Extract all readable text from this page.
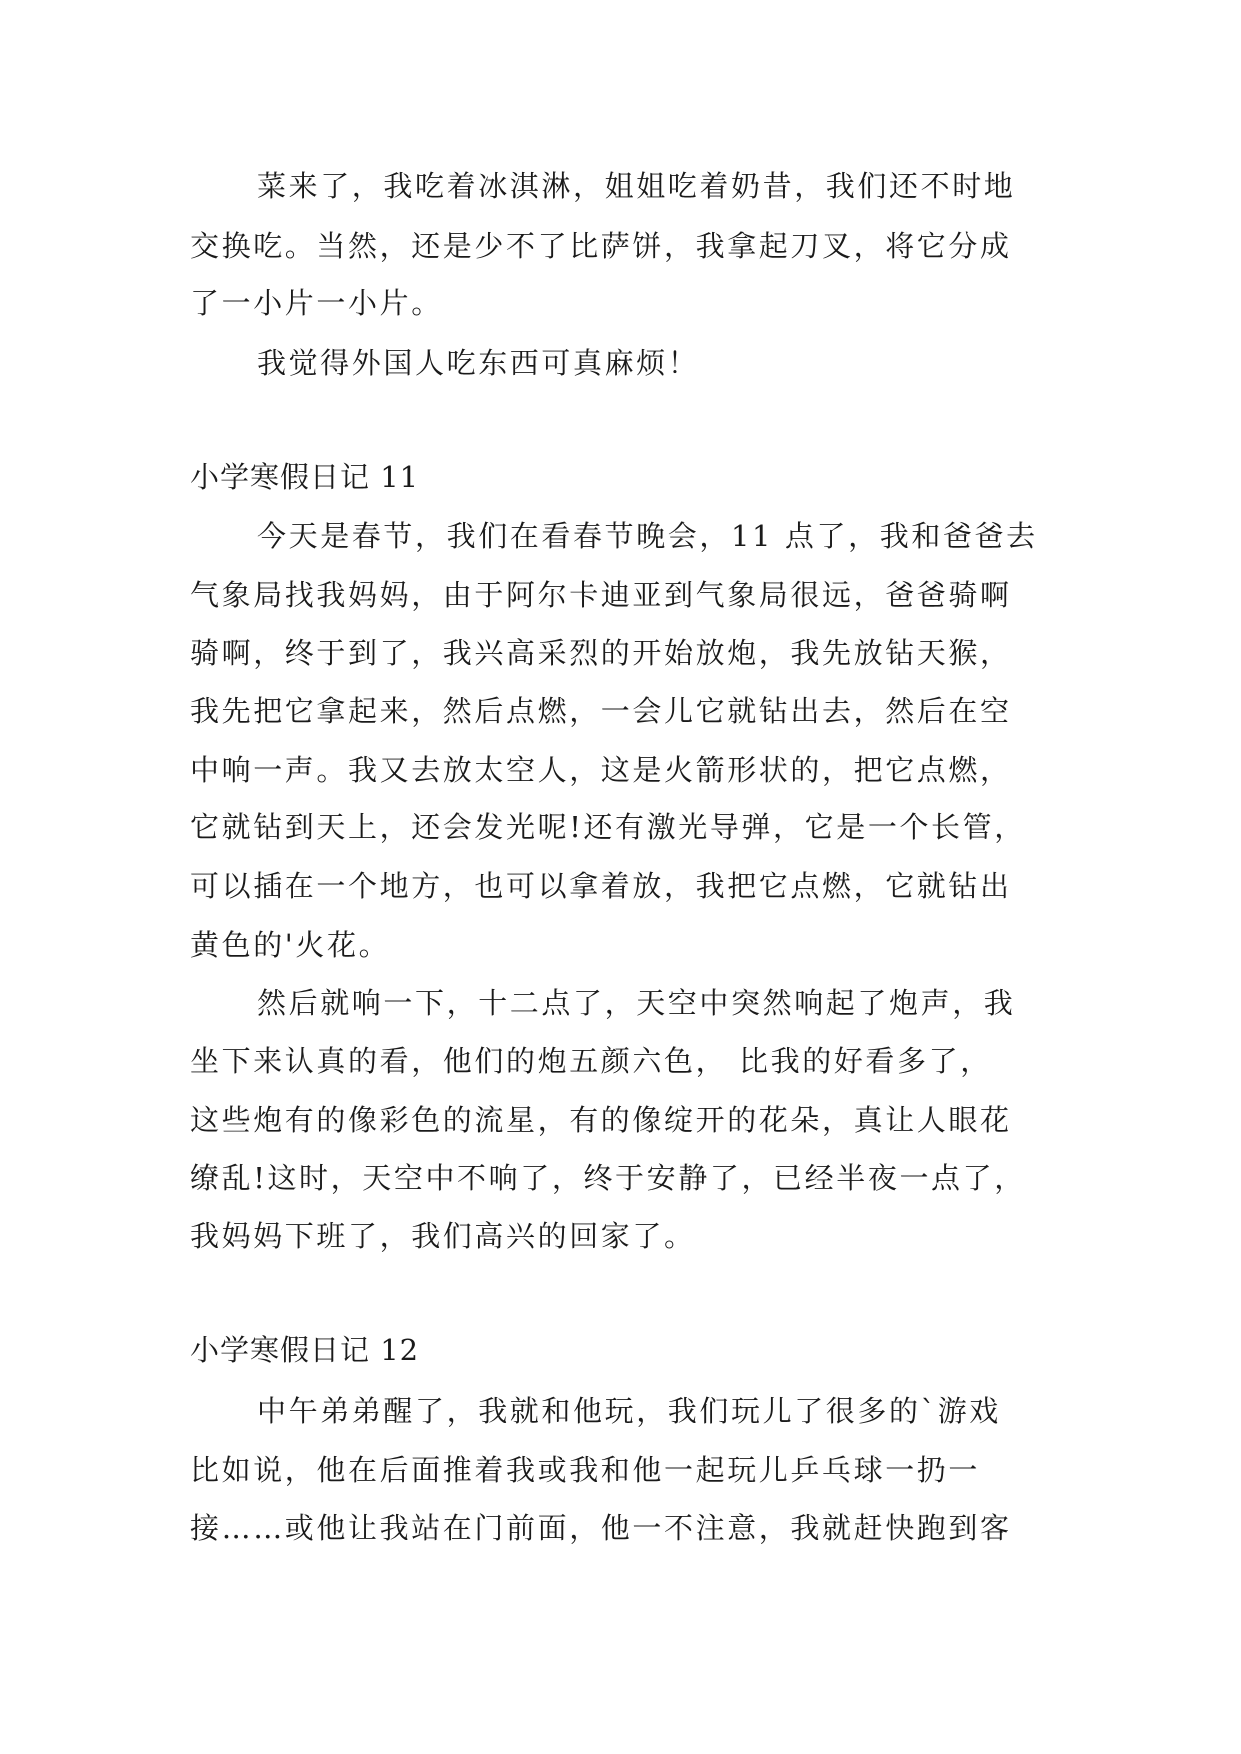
菜来了，我吃着冰淇淋，姐姐吃着奶昔，我们还不时地
交换吃。当然，还是少不了比萨饼，我拿起刀叉，将它分成
了一小片一小片。
我觉得外国人吃东西可真麻烦！
小学寒假日记 11
今天是春节，我们在看春节晚会，11 点了，我和爸爸去
气象局找我妈妈，由于阿尔卡迪亚到气象局很远，爸爸骑啊
骑啊，终于到了，我兴高采烈的开始放炮，我先放钻天猴，
我先把它拿起来，然后点燃，一会儿它就钻出去，然后在空
中响一声。我又去放太空人，这是火箭形状的，把它点燃，
它就钻到天上，还会发光呢!还有激光导弹，它是一个长管，
可以插在一个地方，也可以拿着放，我把它点燃，它就钻出
黄色的'火花。
然后就响一下，十二点了，天空中突然响起了炮声，我
坐下来认真的看，他们的炮五颜六色， 比我的好看多了，
这些炮有的像彩色的流星，有的像绽开的花朵，真让人眼花
缭乱!这时，天空中不响了，终于安静了，已经半夜一点了，
我妈妈下班了，我们高兴的回家了。
小学寒假日记 12
中午弟弟醒了，我就和他玩，我们玩儿了很多的`游戏
比如说，他在后面推着我或我和他一起玩儿乒乓球一扔一
接……或他让我站在门前面，他一不注意，我就赶快跑到客
